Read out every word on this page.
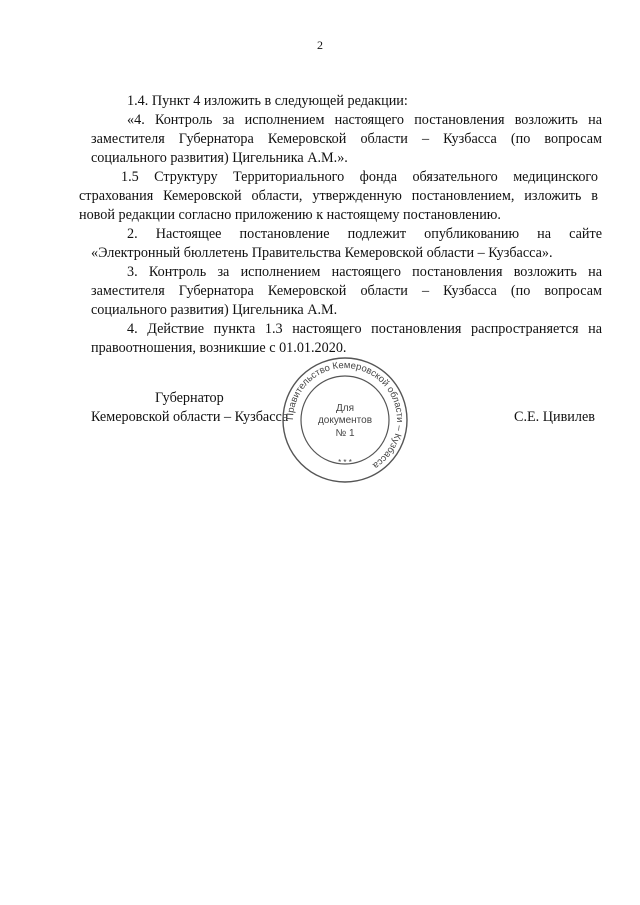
2

1.4. Пункт 4 изложить в следующей редакции:

«4. Контроль за исполнением настоящего постановления возложить на заместителя Губернатора Кемеровской области – Кузбасса (по вопросам социального развития) Цигельника А.М.».

1.5 Структуру Территориального фонда обязательного медицинского страхования Кемеровской области, утвержденную постановлением, изложить в новой редакции согласно приложению к настоящему постановлению.

2. Настоящее постановление подлежит опубликованию на сайте «Электронный бюллетень Правительства Кемеровской области – Кузбасса».

3. Контроль за исполнением настоящего постановления возложить на заместителя Губернатора Кемеровской области – Кузбасса (по вопросам социального развития) Цигельника А.М.

4. Действие пункта 1.3 настоящего постановления распространяется на правоотношения, возникшие с 01.01.2020.

Губернатор
Кемеровской области – Кузбасса	С.Е. Цивилев
Правительство Кемеровской области – Кузбасса
* * *
Для
документов
№ 1
